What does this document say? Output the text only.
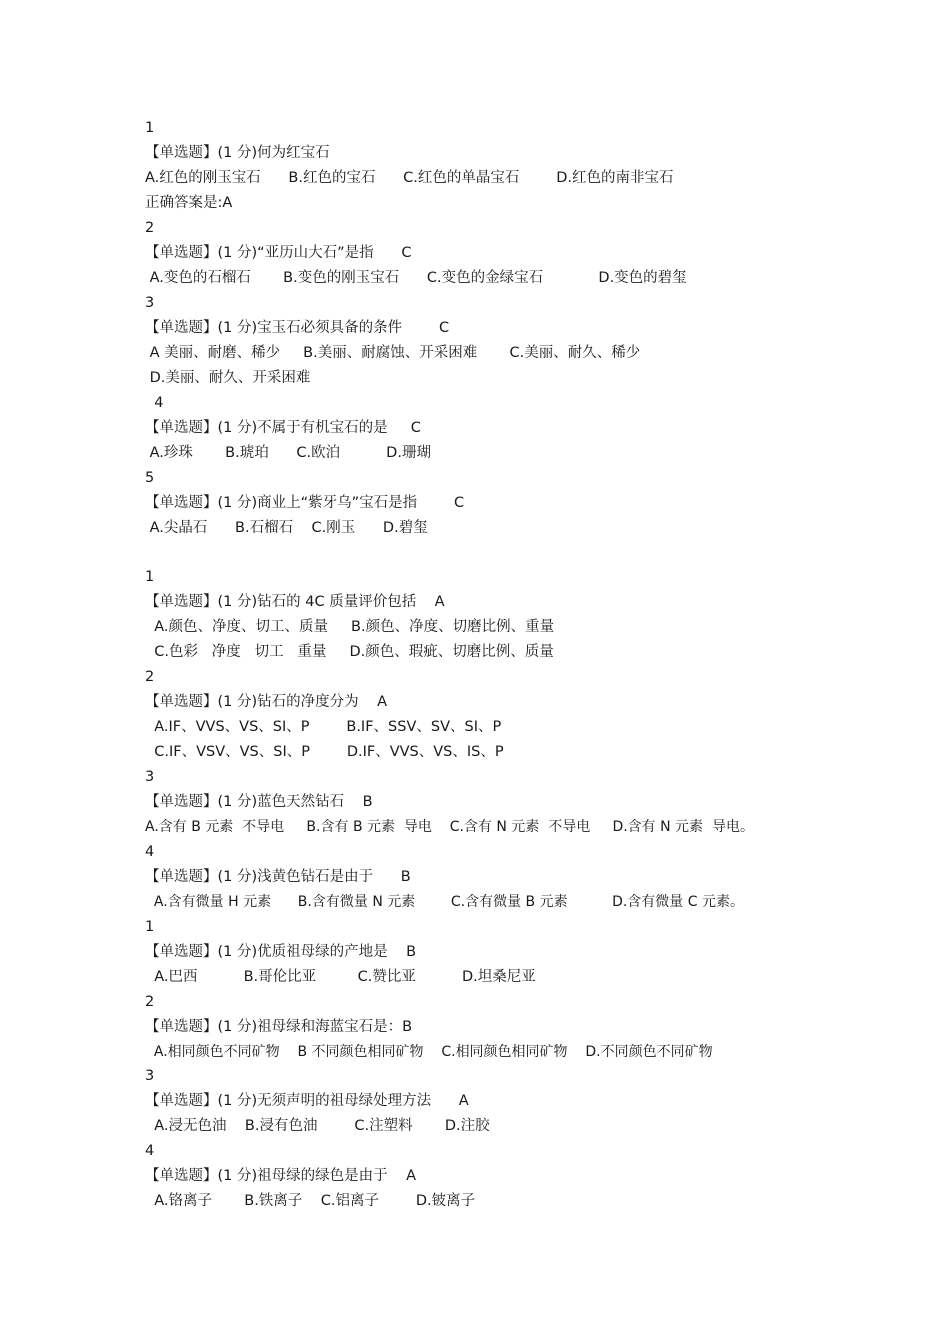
1
【单选题】(1 分)何为红宝石
A.红色的刚玉宝石      B.红色的宝石      C.红色的单晶宝石        D.红色的南非宝石
正确答案是:A
2
【单选题】(1 分)“亚历山大石”是指      C
A.变色的石榴石       B.变色的刚玉宝石      C.变色的金绿宝石            D.变色的碧玺
3
【单选题】(1 分)宝玉石必须具备的条件        C
A 美丽、耐磨、稀少     B.美丽、耐腐蚀、开采困难       C.美丽、耐久、稀少
D.美丽、耐久、开采困难
4
【单选题】(1 分)不属于有机宝石的是     C
A.珍珠       B.琥珀      C.欧泊          D.珊瑚
5
【单选题】(1 分)商业上“紫牙乌”宝石是指        C
A.尖晶石      B.石榴石    C.刚玉      D.碧玺
1
【单选题】(1 分)钻石的 4C 质量评价包括    A
A.颜色、净度、切工、质量     B.颜色、净度、切磨比例、重量
C.色彩   净度   切工   重量     D.颜色、瑕疵、切磨比例、质量
2
【单选题】(1 分)钻石的净度分为    A
A.IF、VVS、VS、SI、P        B.IF、SSV、SV、SI、P
C.IF、VSV、VS、SI、P        D.IF、VVS、VS、IS、P
3
【单选题】(1 分)蓝色天然钻石    B
A.含有 B 元素  不导电     B.含有 B 元素  导电    C.含有 N 元素  不导电     D.含有 N 元素  导电。
4
【单选题】(1 分)浅黄色钻石是由于      B
A.含有微量 H 元素      B.含有微量 N 元素        C.含有微量 B 元素          D.含有微量 C 元素。
1
【单选题】(1 分)优质祖母绿的产地是    B
A.巴西          B.哥伦比亚         C.赞比亚          D.坦桑尼亚
2
【单选题】(1 分)祖母绿和海蓝宝石是：B
A.相同颜色不同矿物    B 不同颜色相同矿物    C.相同颜色相同矿物    D.不同颜色不同矿物
3
【单选题】(1 分)无须声明的祖母绿处理方法      A
A.浸无色油    B.浸有色油        C.注塑料       D.注胶
4
【单选题】(1 分)祖母绿的绿色是由于    A
A.铬离子       B.铁离子    C.铝离子        D.铍离子
